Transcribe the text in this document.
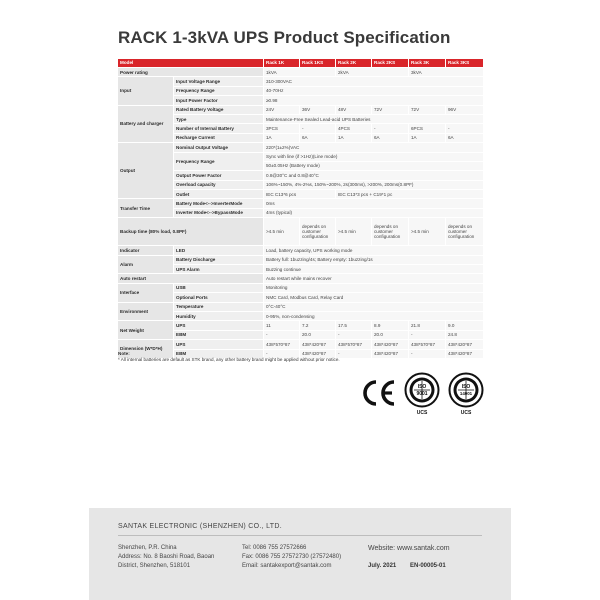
RACK 1-3kVA UPS Product Specification
Model		Rack 1K	Rack 1KS	Rack 2K	Rack 2KS	Rack 3K	Rack 3KS
Power rating		1kVA		2kVA		3kVA	
Input	Input Voltage Range	310-300VAC					
	Frequency Range	40-70Hz					
	Input Power Factor	≥0.98					
Battery and charger	Rated Battery Voltage	24V	36V	48V	72V	72V	96V
	Type	Maintenance-Free Sealed Lead-acid UPS Batteries					
	Number of Internal Battery	3PCS	-	4PCS	-	6PCS	-
	Recharge Current	1A	6A	1A	6A	1A	6A
Output	Nominal Output Voltage	220*(1±2%)VAC					
	Frequency Range	Sync with line (if >1Hz)(Line mode)					
		50±0.05Hz (Battery mode)					
	Output Power Factor	0.8@30°C and 0.8@40°C					
	Overload capacity	106%~150%, 4%-2%s, 150%~200%, 2s(300ms), >200%, 200ms(0.8PF)					
	Outlet	IEC C13*6 pcs		IEC C13*3 pcs + C19*1 pc			
Transfer Time	Battery Mode<-->InverterMode	0ms					
	Inverter Mode<-->BypassMode	4ms (typical)					
Backup time (80% load, 0.8PF)		>4.5 min	depends on customer configuration	>4.5 min	depends on customer configuration	>4.5 min	depends on customer configuration
Indicator	LED	Load, battery capacity, UPS working mode					
Alarm	Battery Discharge	Battery full: 1buzzing/4s; Battery empty: 1buzzing/1s					
	UPS Alarm	Buzzing continue					
Auto restart		Auto restart while mains recover					
Interface	USB	Monitoring					
	Optional Ports	NMC Card, Modbus Card, Relay Card					
Environment	Temperature	0°C-40°C					
	Humidity	0-95%, non-condensing					
Net Weight	UPS	11	7.2	17.5	8.9	21.8	9.0
	EBM	-	20.0	-	20.0	-	24.8
Dimension (W*D*H)	UPS	438*570*87	438*420*87	438*570*87	438*420*87	438*570*87	438*420*87
	EBM	-	438*420*87	-	438*420*87	-	438*420*87
Note:
* All internal batteries are default as STK brand, any other battery brand might be applied without prior notice.
ISO
9001
UCS
ISO
14001
UCS
SANTAK ELECTRONIC (SHENZHEN) CO., LTD.
Shenzhen, P.R. China
Address: No. 8 Baoshi Road, Baoan
District, Shenzhen, 518101
Tel: 0086 755 27572666
Fax: 0086 755 27572730 (27572480)
Email: santakexport@santak.com
Website: www.santak.com
July. 2021 EN-00005-01
